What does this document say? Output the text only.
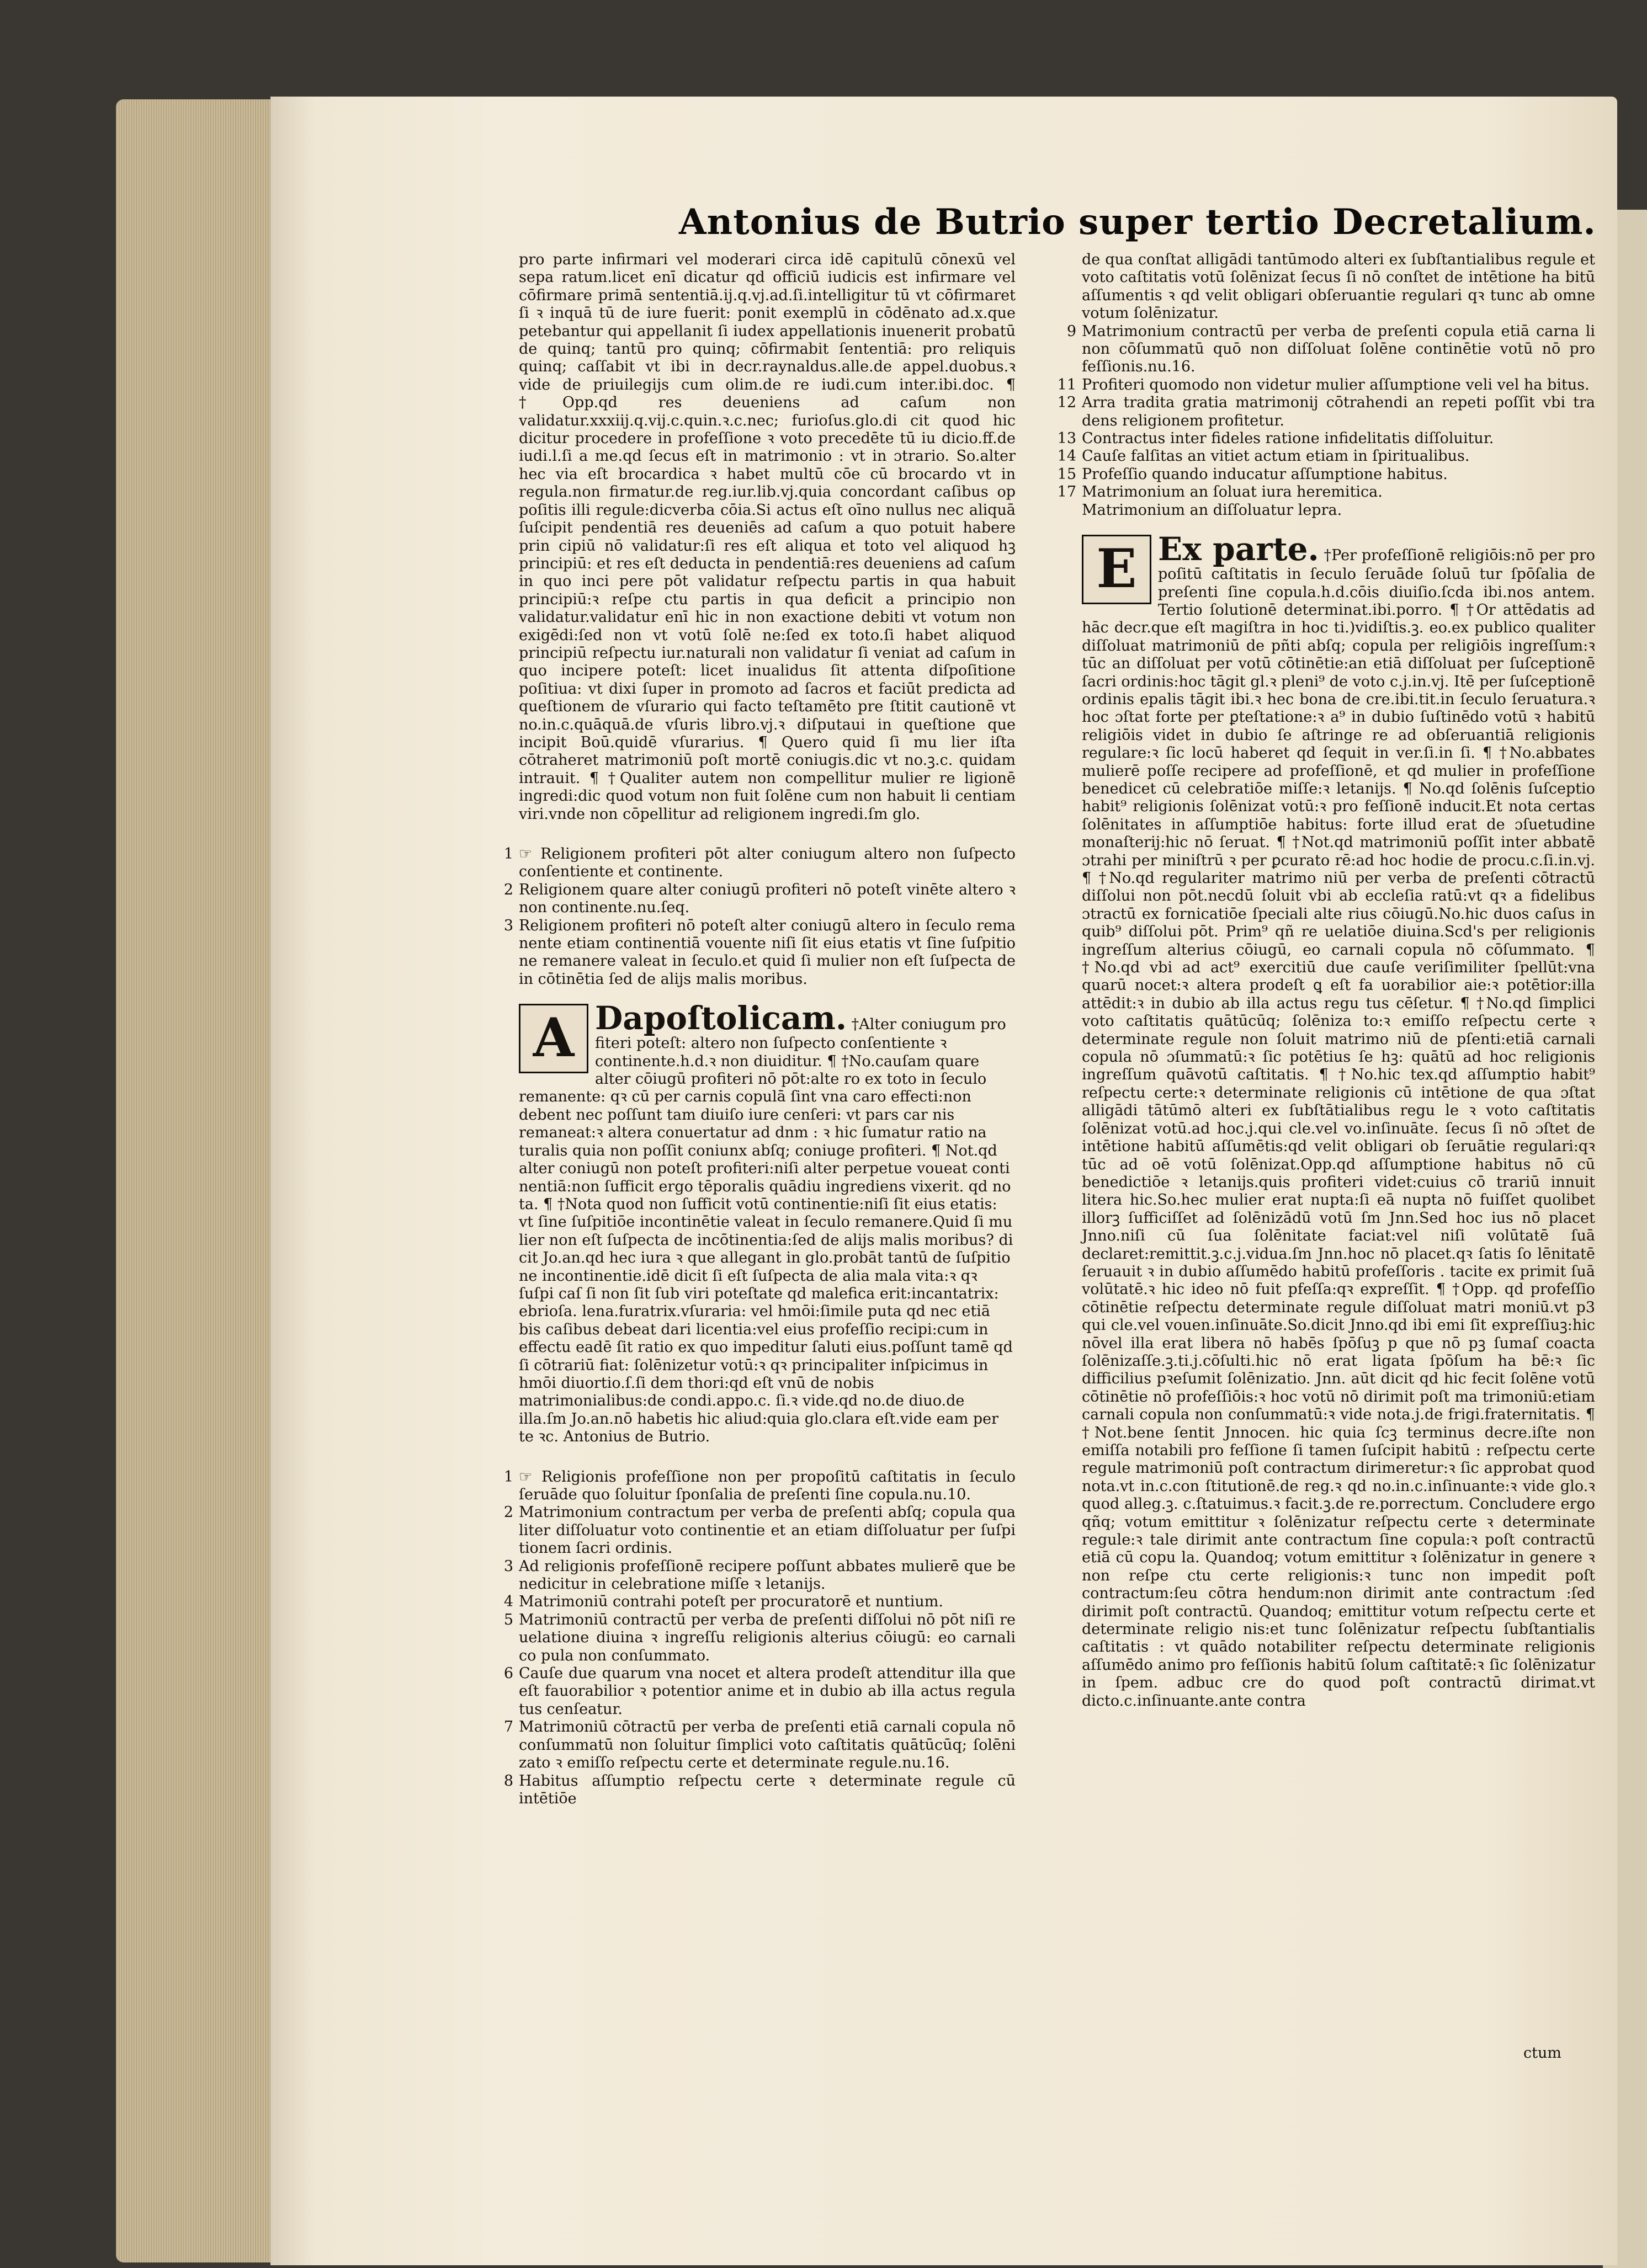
Antonius de Butrio super tertio Decretalium.

pro parte infirmari vel moderari circa idē capitulū cōnexū vel sepa ratum.licet enī dicatur qd officiū iudicis est infirmare vel cōfirmare primā sententiā.ij.q.vj.ad.ſi.intelligitur tū vt cōfirmaret ſi ꝛ inquā tū de iure fuerit: ponit exemplū in cōdēnato ad.x.que petebantur qui appellanit ſi iudex appellationis inuenerit probatū de quinq; tantū pro quinq; cōfirmabit ſententiā: pro reliquis quinq; caſſabit vt ibi in decr.raynaldus.alle.de appel.duobus.ꝛ vide de priuilegijs cum olim.de re iudi.cum inter.ibi.doc. ¶ †Opp.qd res deueniens ad caſum non validatur.xxxiij.q.vij.c.quin.ꝛ.c.nec; furioſus.glo.di cit quod hic dicitur procedere in profeſſione ꝛ voto precedēte tū iu dicio.ff.de iudi.l.ſi a me.qd ſecus eſt in matrimonio : vt in ɔtrario. So.alter hec via eſt brocardica ꝛ habet multū cōe cū brocardo vt in regula.non firmatur.de reg.iur.lib.vj.quia concordant caſibus op poſitis illi regule:dicverba cōia.Si actus eſt oīno nullus nec aliquā ſuſcipit pendentiā res deueniēs ad caſum a quo potuit habere prin cipiū nō validatur:ſi res eſt aliqua et toto vel aliquod hꝫ principiū: et res eſt deducta in pendentiā:res deueniens ad caſum in quo inci pere pōt validatur reſpectu partis in qua habuit principiū:ꝛ reſpe ctu partis in qua deficit a principio non validatur.validatur enī hic in non exactione debiti vt votum non exigēdi:ſed non vt votū ſolē ne:ſed ex toto.ſi habet aliquod principiū reſpectu iur.naturali non validatur ſi veniat ad caſum in quo incipere poteſt: licet inualidus ſit attenta diſpoſitione poſitiua: vt dixi ſuper in promoto ad ſacros et faciūt predicta ad queſtionem de vſurario qui facto teſtamēto pre ſtitit cautionē vt no.in.c.quāquā.de vſuris libro.vj.ꝛ diſputaui in queſtione que incipit Boū.quidē vſurarius. ¶ Quero quid ſi mu lier iſta cōtraheret matrimoniū poſt mortē coniugis.dic vt no.ꝫ.c. quidam intrauit. ¶ †Qualiter autem non compellitur mulier re ligionē ingredi:dic quod votum non fuit ſolēne cum non habuit li centiam viri.vnde non cōpellitur ad religionem ingredi.ſm glo.

1 ☞ Religionem profiteri pōt alter coniugum altero non ſuſpecto conſentiente et continente.
2 Religionem quare alter coniugū profiteri nō poteſt vinēte altero ꝛ non continente.nu.ſeq.
3 Religionem profiteri nō poteſt alter coniugū altero in ſeculo rema nente etiam continentiā vouente niſi ſit eius etatis vt ſine ſuſpitio ne remanere valeat in ſeculo.et quid ſi mulier non eſt ſuſpecta de in cōtinētia ſed de alijs malis moribus.
A Dapoſtolicam. †Alter coniugum pro fiteri poteſt: altero non ſuſpecto conſentiente ꝛ continente.h.d.ꝛ non diuiditur. ¶ †No.cauſam quare alter cōiugū profiteri nō pōt:alte ro ex toto in ſeculo remanente: qꝛ cū per carnis copulā ſint vna caro effecti:non debent nec poſſunt tam diuiſo iure cenſeri: vt pars car nis remaneat:ꝛ altera conuertatur ad dnm : ꝛ hic ſumatur ratio na turalis quia non poſſit coniunx abſq; coniuge profiteri. ¶ Not.qd alter coniugū non poteſt profiteri:niſi alter perpetue voueat conti nentiā:non ſufficit ergo tēporalis quādiu ingrediens vixerit. qd no ta. ¶ †Nota quod non ſufficit votū continentie:niſi ſit eius etatis: vt ſine ſuſpitiōe incontinētie valeat in ſeculo remanere.Quid ſi mu lier non eſt ſuſpecta de incōtinentia:ſed de alijs malis moribus? di cit Jo.an.qd hec iura ꝛ que allegant in glo.probāt tantū de ſuſpitio ne incontinentie.idē dicit ſi eſt ſuſpecta de alia mala vita:ꝛ qꝛ ſuſpi caſ ſi non ſit ſub viri poteſtate qd malefica erit:incantatrix: ebrioſa. lena.furatrix.vſuraria: vel hmōi:ſimile puta qd nec etiā bis caſibus debeat dari licentia:vel eius profeſſio recipi:cum in effectu eadē ſit ratio ex quo impeditur ſaluti eius.poſſunt tamē qd ſi cōtrariū fiat: ſolēnizetur votū:ꝛ qꝛ principaliter inſpicimus in hmōi diuortio.ſ.ſi dem thori:qd eſt vnū de nobis matrimonialibus:de condi.appo.c. ſi.ꝛ vide.qd no.de diuo.de illa.ſm Jo.an.nō habetis hic aliud:quia glo.clara eſt.vide eam per te ꝛc. Antonius de Butrio.
1 ☞ Religionis profeſſione non per propoſitū caſtitatis in ſeculo ſeruāde quo ſoluitur ſponſalia de preſenti ſine copula.nu.10.
2 Matrimonium contractum per verba de preſenti abſq; copula qua liter diſſoluatur voto continentie et an etiam diſſoluatur per ſuſpi tionem ſacri ordinis.
3 Ad religionis profeſſionē recipere poſſunt abbates mulierē que be nedicitur in celebratione miſſe ꝛ letanijs.
4 Matrimoniū contrahi poteſt per procuratorē et nuntium.
5 Matrimoniū contractū per verba de preſenti diſſolui nō pōt niſi re uelatione diuina ꝛ ingreſſu religionis alterius cōiugū: eo carnali co pula non conſummato.
6 Cauſe due quarum vna nocet et altera prodeſt attenditur illa que eſt fauorabilior ꝛ potentior anime et in dubio ab illa actus regula tus cenſeatur.
7 Matrimoniū cōtractū per verba de preſenti etiā carnali copula nō conſummatū non ſoluitur ſimplici voto caſtitatis quātūcūq; ſolēni zato ꝛ emiſſo reſpectu certe et determinate regule.nu.16.
8 Habitus aſſumptio reſpectu certe ꝛ determinate regule cū intētiōe
de qua conſtat alligādi tantūmodo alteri ex ſubſtantialibus regule et voto caſtitatis votū ſolēnizat ſecus ſi nō conſtet de intētione ha bitū aſſumentis ꝛ qd velit obligari obſeruantie regulari qꝛ tunc ab omne votum ſolēnizatur.
9 Matrimonium contractū per verba de preſenti copula etiā carna li non cōſummatū quō non diſſoluat ſolēne continētie votū nō pro feſſionis.nu.16.
11 Profiteri quomodo non videtur mulier aſſumptione veli vel ha bitus.
12 Arra tradita gratia matrimonij cōtrahendi an repeti poſſit vbi tra dens religionem profitetur.
13 Contractus inter fideles ratione infidelitatis diſſoluitur.
14 Cauſe falſitas an vitiet actum etiam in ſpiritualibus.
15 Profeſſio quando inducatur aſſumptione habitus.
17 Matrimonium an ſoluat iura heremitica.
Matrimonium an diſſoluatur lepra.
E Ex parte. †Per profeſſionē religiōis:nō per pro poſitū caſtitatis in ſeculo ſeruāde ſoluū tur ſpōſalia de preſenti ſine copula.h.d.cōis diuiſio.ſcda ibi.nos antem. Tertio ſolutionē determinat.ibi.porro. ¶ †Or attēdatis ad hāc decr.que eſt magiſtra in hoc ti.)vidiſtis.ꝫ. eo.ex publico qualiter diſſoluat matrimoniū de pñti abſq; copula per religiōis ingreſſum:ꝛ tūc an diſſoluat per votū cōtinētie:an etiā diſſoluat per ſuſceptionē ſacri ordinis:hoc tāgit gl.ꝛ pleni⁹ de voto c.j.in.vj. Itē per ſuſceptionē ordinis epalis tāgit ibi.ꝛ hec bona de cre.ibi.tit.in ſeculo ſeruatura.ꝛ hoc ɔſtat forte per ꝑteſtatione:ꝛ a⁹ in dubio ſuſtinēdo votū ꝛ habitū religiōis videt in dubio ſe aſtringe re ad obſeruantiā religionis regulare:ꝛ ſic locū haberet qd ſequit in ver.ſi.in ſi. ¶ †No.abbates mulierē poſſe recipere ad profeſſionē, et qd mulier in profeſſione benedicet cū celebratiōe miſſe:ꝛ letanijs. ¶ No.qd ſolēnis ſuſceptio habit⁹ religionis ſolēnizat votū:ꝛ pro feſſionē inducit.Et nota certas ſolēnitates in aſſumptiōe habitus: forte illud erat de ɔſuetudine monaſterij:hic nō ſeruat. ¶ †Not.qd matrimoniū poſſit inter abbatē ɔtrahi per miniſtrū ꝛ per ꝑcurato rē:ad hoc hodie de procu.c.ſi.in.vj. ¶ †No.qd regulariter matrimo niū per verba de preſenti cōtractū diſſolui non pōt.necdū ſoluit vbi ab eccleſia ratū:vt qꝛ a fidelibus ɔtractū ex fornicatiōe ſpeciali alte rius cōiugū.No.hic duos caſus in quib⁹ diſſolui pōt. Prim⁹ qñ re uelatiōe diuina.Scd's per religionis ingreſſum alterius cōiugū, eo carnali copula nō cōſummato. ¶ †No.qd vbi ad act⁹ exercitiū due cauſe veriſimiliter ſpellūt:vna quarū nocet:ꝛ altera prodeſt ꝗ eſt fa uorabilior aie:ꝛ potētior:illa attēdit:ꝛ in dubio ab illa actus regu tus cēſetur. ¶ †No.qd ſimplici voto caſtitatis quātūcūq; ſolēniza to:ꝛ emiſſo reſpectu certe ꝛ determinate regule non ſoluit matrimo niū de pſenti:etiā carnali copula nō ɔſummatū:ꝛ ſic potētius ſe hꝫ: quātū ad hoc religionis ingreſſum quāvotū caſtitatis. ¶ †No.hic tex.qd aſſumptio habit⁹ reſpectu certe:ꝛ determinate religionis cū intētione de qua ɔſtat alligādi tātūmō alteri ex ſubſtātialibus regu le ꝛ voto caſtitatis ſolēnizat votū.ad hoc.j.qui cle.vel vo.inſinuāte. ſecus ſi nō ɔſtet de intētione habitū aſſumētis:qd velit obligari ob ſeruātie regulari:qꝛ tūc ad oē votū ſolēnizat.Opp.qd aſſumptione habitus nō cū benedictiōe ꝛ letanijs.quis profiteri videt:cuius cō trariū innuit litera hic.So.hec mulier erat nupta:ſi eā nupta nō fuiſſet quolibet illorꝫ ſufficiſſet ad ſolēnizādū votū ſm Jnn.Sed hoc ius nō placet Jnno.niſi cū ſua ſolēnitate faciat:vel niſi volūtatē ſuā declaret:remittit.ꝫ.c.j.vidua.ſm Jnn.hoc nō placet.qꝛ ſatis ſo lēnitatē ſeruauit ꝛ in dubio aſſumēdo habitū profeſſoris . tacite ex primit ſuā volūtatē.ꝛ hic ideo nō fuit pfeſſa:qꝛ expreſſit. ¶ †Opp. qd profeſſio cōtinētie reſpectu determinate regule diſſoluat matri moniū.vt p3 qui cle.vel vouen.inſinuāte.So.dicit Jnno.qd ibi emi ſit expreſſiuꝫ:hic nōvel illa erat libera nō habēs ſpōſuꝫ p que nō pꝫ ſumaſ coacta ſolēnizaſſe.ꝫ.ti.j.cōſulti.hic nō erat ligata ſpōſum ha bē:ꝛ ſic difficilius pꝛeſumit ſolēnizatio. Jnn. aūt dicit qd hic fecit ſolēne votū cōtinētie nō profeſſiōis:ꝛ hoc votū nō dirimit poſt ma trimoniū:etiam carnali copula non conſummatū:ꝛ vide nota.j.de frigi.fraternitatis. ¶ †Not.bene ſentit Jnnocen. hic quia ſcꝫ terminus decre.iſte non emiſſa notabili pro feſſione ſi tamen ſuſcipit habitū : reſpectu certe regule matrimoniū poſt contractum dirimeretur:ꝛ ſic approbat quod nota.vt in.c.con ſtitutionē.de reg.ꝛ qd no.in.c.inſinuante:ꝛ vide glo.ꝛ quod alleg.ꝫ. c.ſtatuimus.ꝛ facit.ꝫ.de re.porrectum. Concludere ergo qñq; votum emittitur ꝛ ſolēnizatur reſpectu certe ꝛ determinate regule:ꝛ tale dirimit ante contractum ſine copula:ꝛ poſt contractū etiā cū copu la. Quandoq; votum emittitur ꝛ ſolēnizatur in genere ꝛ non reſpe ctu certe religionis:ꝛ tunc non impedit poſt contractum:ſeu cōtra hendum:non dirimit ante contractum :ſed dirimit poſt contractū. Quandoq; emittitur votum reſpectu certe et determinate religio nis:et tunc ſolēnizatur reſpectu ſubſtantialis caſtitatis : vt quādo notabiliter reſpectu determinate religionis aſſumēdo animo pro feſſionis habitū ſolum caſtitatē:ꝛ ſic ſolēnizatur in ſpem. adbuc cre do quod poſt contractū dirimat.vt dicto.c.inſinuante.ante contra
ctum
